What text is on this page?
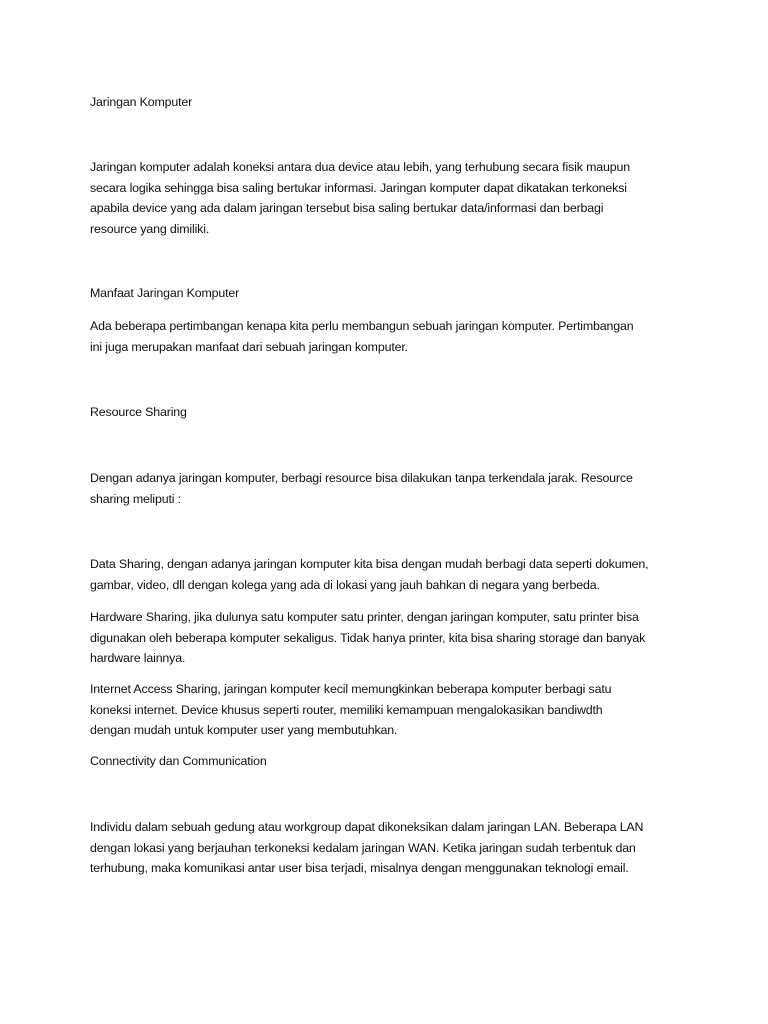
Jaringan Komputer

Jaringan komputer adalah koneksi antara dua device atau lebih, yang terhubung secara fisik maupun
secara logika sehingga bisa saling bertukar informasi. Jaringan komputer dapat dikatakan terkoneksi
apabila device yang ada dalam jaringan tersebut bisa saling bertukar data/informasi dan berbagi
resource yang dimiliki.

Manfaat Jaringan Komputer

Ada beberapa pertimbangan kenapa kita perlu membangun sebuah jaringan komputer. Pertimbangan
ini juga merupakan manfaat dari sebuah jaringan komputer.

Resource Sharing

Dengan adanya jaringan komputer, berbagi resource bisa dilakukan tanpa terkendala jarak. Resource
sharing meliputi :

Data Sharing, dengan adanya jaringan komputer kita bisa dengan mudah berbagi data seperti dokumen,
gambar, video, dll dengan kolega yang ada di lokasi yang jauh bahkan di negara yang berbeda.

Hardware Sharing, jika dulunya satu komputer satu printer, dengan jaringan komputer, satu printer bisa
digunakan oleh beberapa komputer sekaligus. Tidak hanya printer, kita bisa sharing storage dan banyak
hardware lainnya.

Internet Access Sharing, jaringan komputer kecil memungkinkan beberapa komputer berbagi satu
koneksi internet. Device khusus seperti router, memiliki kemampuan mengalokasikan bandiwdth
dengan mudah untuk komputer user yang membutuhkan.

Connectivity dan Communication

Individu dalam sebuah gedung atau workgroup dapat dikoneksikan dalam jaringan LAN. Beberapa LAN
dengan lokasi yang berjauhan terkoneksi kedalam jaringan WAN. Ketika jaringan sudah terbentuk dan
terhubung, maka komunikasi antar user bisa terjadi, misalnya dengan menggunakan teknologi email.
